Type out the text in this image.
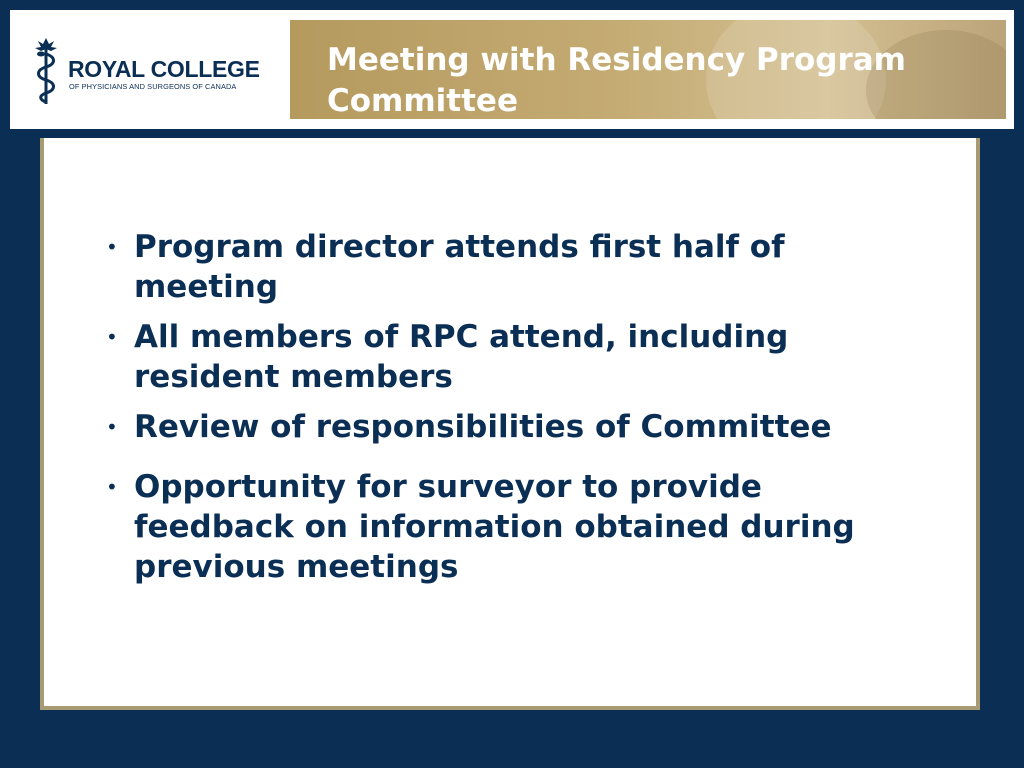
ROYAL COLLEGE
OF PHYSICIANS AND SURGEONS OF CANADA
Meeting with Residency Program Committee
• Program director attends first half of meeting
• All members of RPC attend, including resident members
• Review of responsibilities of Committee
• Opportunity for surveyor to provide feedback on information obtained during previous meetings
